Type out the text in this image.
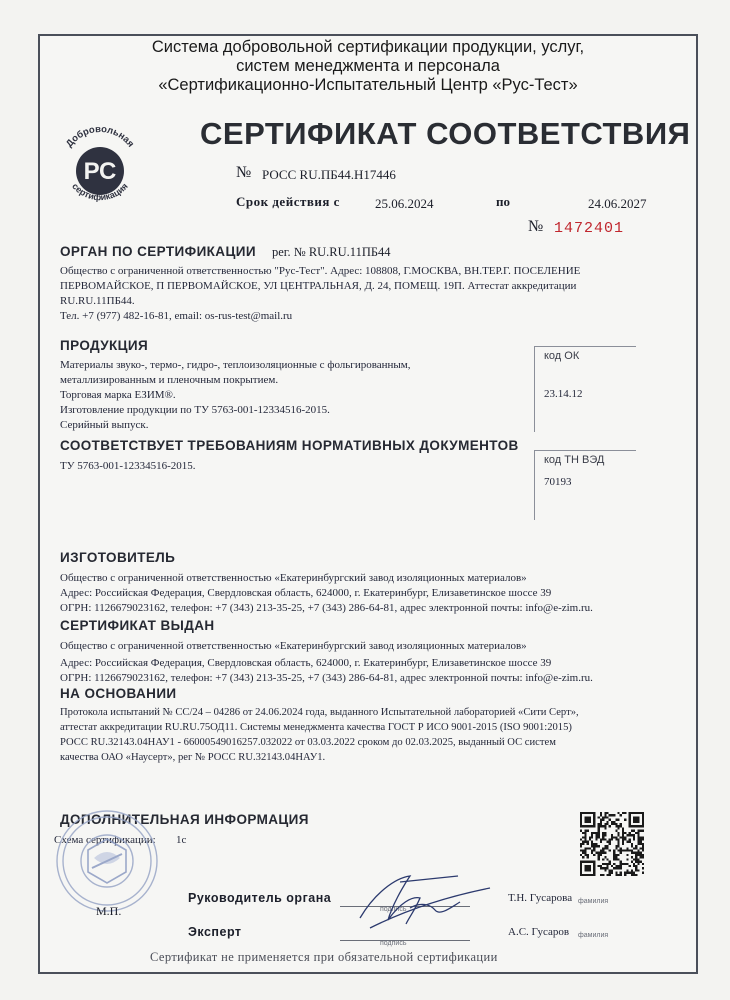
Система добровольной сертификации продукции, услуг,
систем менеджмента и персонала
«Сертификационно-Испытательный Центр «Рус-Тест»
РС
Добровольная
сертификация
СЕРТИФИКАТ СООТВЕТСТВИЯ
№ РОСС RU.ПБ44.Н17446
Срок действия с	25.06.2024	по	24.06.2027
№ 1472401
ОРГАН ПО СЕРТИФИКАЦИИ рег. № RU.RU.11ПБ44
Общество с ограниченной ответственностью "Рус-Тест". Адрес: 108808, Г.МОСКВА, ВН.ТЕР.Г. ПОСЕЛЕНИЕ
ПЕРВОМАЙСКОЕ, П ПЕРВОМАЙСКОЕ, УЛ ЦЕНТРАЛЬНАЯ, Д. 24, ПОМЕЩ. 19П. Аттестат аккредитации
RU.RU.11ПБ44.
Тел. +7 (977) 482-16-81, email: os-rus-test@mail.ru
ПРОДУКЦИЯ
Материалы звуко-, термо-, гидро-, теплоизоляционные с фольгированным,
металлизированным и пленочным покрытием.
Торговая марка ЕЗИМ®.
Изготовление продукции по ТУ 5763-001-12334516-2015.
Серийный выпуск.
код ОК
23.14.12
СООТВЕТСТВУЕТ ТРЕБОВАНИЯМ НОРМАТИВНЫХ ДОКУМЕНТОВ
ТУ 5763-001-12334516-2015.	код ТН ВЭД
70193
ИЗГОТОВИТЕЛЬ
Общество с ограниченной ответственностью «Екатеринбургский завод изоляционных материалов»
Адрес: Российская Федерация, Свердловская область, 624000, г. Екатеринбург, Елизаветинское шоссе 39
ОГРН: 1126679023162, телефон: +7 (343) 213-35-25, +7 (343) 286-64-81, адрес электронной почты: info@e-zim.ru.
СЕРТИФИКАТ ВЫДАН
Общество с ограниченной ответственностью «Екатеринбургский завод изоляционных материалов»
Адрес: Российская Федерация, Свердловская область, 624000, г. Екатеринбург, Елизаветинское шоссе 39
ОГРН: 1126679023162, телефон: +7 (343) 213-35-25, +7 (343) 286-64-81, адрес электронной почты: info@e-zim.ru.
НА ОСНОВАНИИ
Протокола испытаний № СС/24 – 04286 от 24.06.2024 года, выданного Испытательной лабораторией «Сити Серт»,
аттестат аккредитации RU.RU.75ОД11. Системы менеджмента качества ГОСТ Р ИСО 9001-2015 (ISO 9001:2015)
РОСС RU.32143.04НАУ1 - 66000549016257.032022 от 03.03.2022 сроком до 02.03.2025, выданный ОС систем
качества ОАО «Наусерт», рег № РОСС RU.32143.04НАУ1.
ДОПОЛНИТЕЛЬНАЯ ИНФОРМАЦИЯ
Схема сертификации: 1с
М.П.
Руководитель органа
Эксперт
подпись
подпись
Т.Н. Гусарова фамилия
А.С. Гусаров фамилия
Сертификат не применяется при обязательной сертификации
